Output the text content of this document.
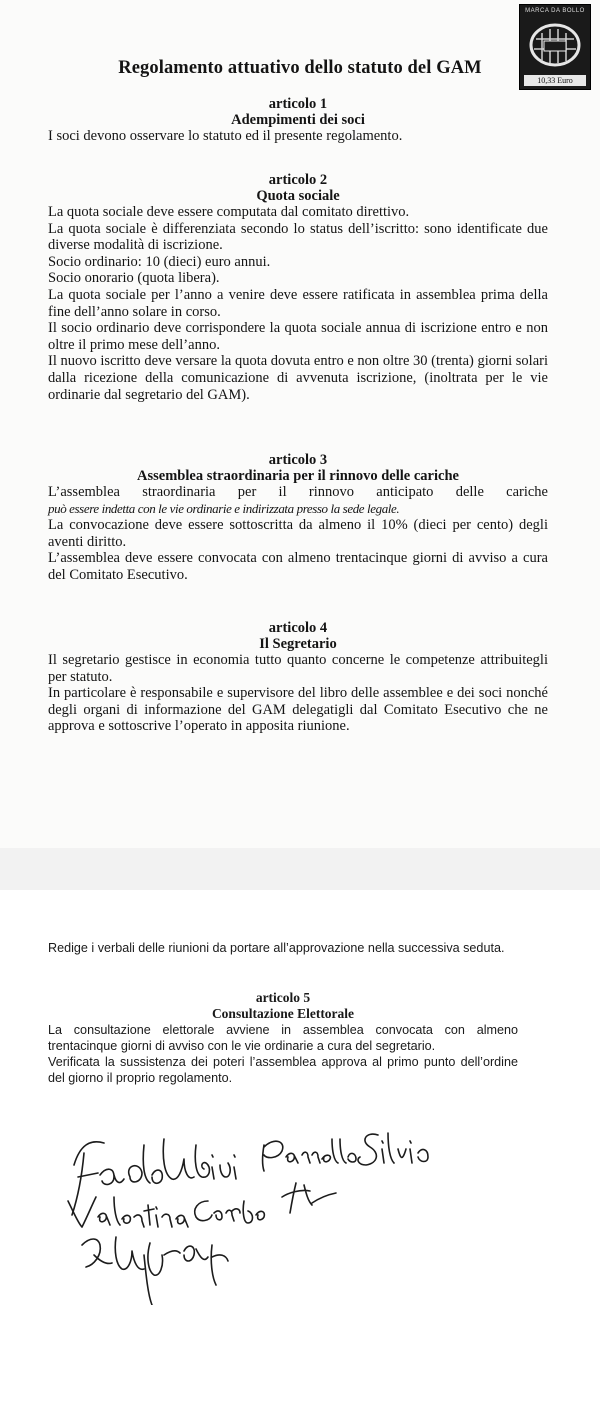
MARCA DA BOLLO
10,33 Euro
Regolamento attuativo dello statuto del GAM
articolo 1
Adempimenti dei soci

I soci devono osservare lo statuto ed il presente regolamento.

articolo 2
Quota sociale

La quota sociale deve essere computata dal comitato direttivo.

La quota sociale è differenziata secondo lo status dell’iscritto: sono identificate due diverse modalità di iscrizione.

Socio ordinario: 10 (dieci) euro annui.

Socio onorario (quota libera).

La quota sociale per l’anno a venire deve essere ratificata in assemblea prima della fine dell’anno solare in corso.

Il socio ordinario deve corrispondere la quota sociale annua di iscrizione entro e non oltre il primo mese dell’anno.

Il nuovo iscritto deve versare la quota dovuta entro e non oltre 30 (trenta) giorni solari dalla ricezione della comunicazione di avvenuta iscrizione, (inoltrata per le vie ordinarie dal segretario del GAM).

articolo 3
Assemblea straordinaria per il rinnovo delle cariche

L’assemblea straordinaria per il rinnovo anticipato delle cariche

può essere indetta con le vie ordinarie e indirizzata presso la sede legale.

La convocazione deve essere sottoscritta da almeno il 10% (dieci per cento) degli aventi diritto.

L’assemblea deve essere convocata con almeno trentacinque giorni di avviso a cura del Comitato Esecutivo.

articolo 4
Il Segretario

Il segretario gestisce in economia tutto quanto concerne le competenze attribuitegli per statuto.

In particolare è responsabile e supervisore del libro delle assemblee e dei soci nonché degli organi di informazione del GAM delegatigli dal Comitato Esecutivo che ne approva e sottoscrive l’operato in apposita riunione.

Redige i verbali delle riunioni da portare all’approvazione nella successiva seduta.

articolo 5
Consultazione Elettorale

La consultazione elettorale avviene in assemblea convocata con almeno trentacinque giorni di avviso con le vie ordinarie a cura del segretario.

Verificata la sussistenza dei poteri l’assemblea approva al primo punto dell’ordine del giorno il proprio regolamento.
